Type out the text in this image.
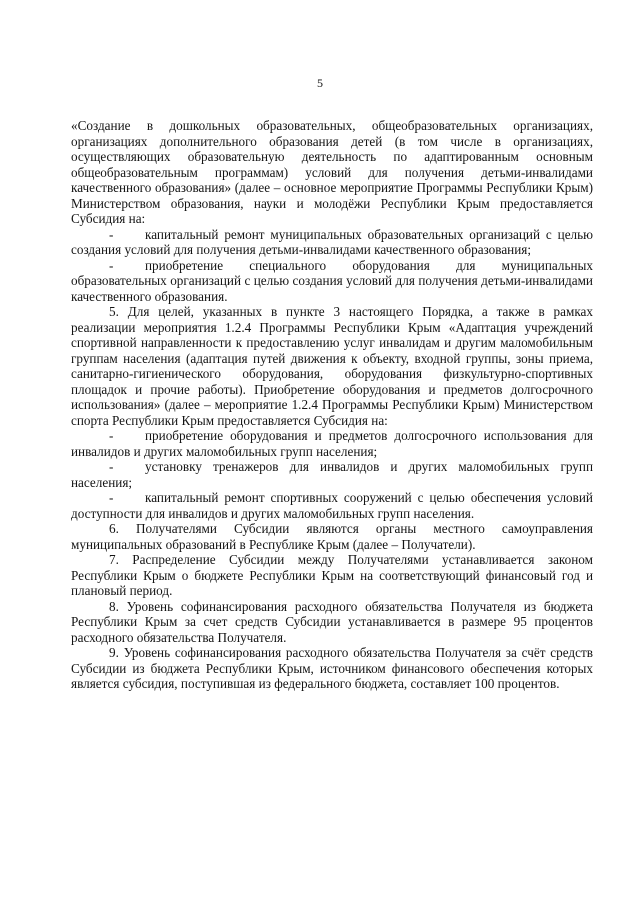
5

«Создание в дошкольных образовательных, общеобразовательных организациях, организациях дополнительного образования детей (в том числе в организациях, осуществляющих образовательную деятельность по адаптированным основным общеобразовательным программам) условий для получения детьми-инвалидами качественного образования» (далее – основное мероприятие Программы Республики Крым) Министерством образования, науки и молодёжи Республики Крым предоставляется Субсидия на:

- капитальный ремонт муниципальных образовательных организаций с целью создания условий для получения детьми-инвалидами качественного образования;

- приобретение специального оборудования для муниципальных образовательных организаций с целью создания условий для получения детьми-инвалидами качественного образования.

5. Для целей, указанных в пункте 3 настоящего Порядка, а также в рамках реализации мероприятия 1.2.4 Программы Республики Крым «Адаптация учреждений спортивной направленности к предоставлению услуг инвалидам и другим маломобильным группам населения (адаптация путей движения к объекту, входной группы, зоны приема, санитарно-гигиенического оборудования, оборудования физкультурно-спортивных площадок и прочие работы). Приобретение оборудования и предметов долгосрочного использования» (далее – мероприятие 1.2.4 Программы Республики Крым) Министерством спорта Республики Крым предоставляется Субсидия на:

- приобретение оборудования и предметов долгосрочного использования для инвалидов и других маломобильных групп населения;

- установку тренажеров для инвалидов и других маломобильных групп населения;

- капитальный ремонт спортивных сооружений с целью обеспечения условий доступности для инвалидов и других маломобильных групп населения.

6. Получателями Субсидии являются органы местного самоуправления муниципальных образований в Республике Крым (далее – Получатели).

7. Распределение Субсидии между Получателями устанавливается законом Республики Крым о бюджете Республики Крым на соответствующий финансовый год и плановый период.

8. Уровень софинансирования расходного обязательства Получателя из бюджета Республики Крым за счет средств Субсидии устанавливается в размере 95 процентов расходного обязательства Получателя.

9. Уровень софинансирования расходного обязательства Получателя за счёт средств Субсидии из бюджета Республики Крым, источником финансового обеспечения которых является субсидия, поступившая из федерального бюджета, составляет 100 процентов.
